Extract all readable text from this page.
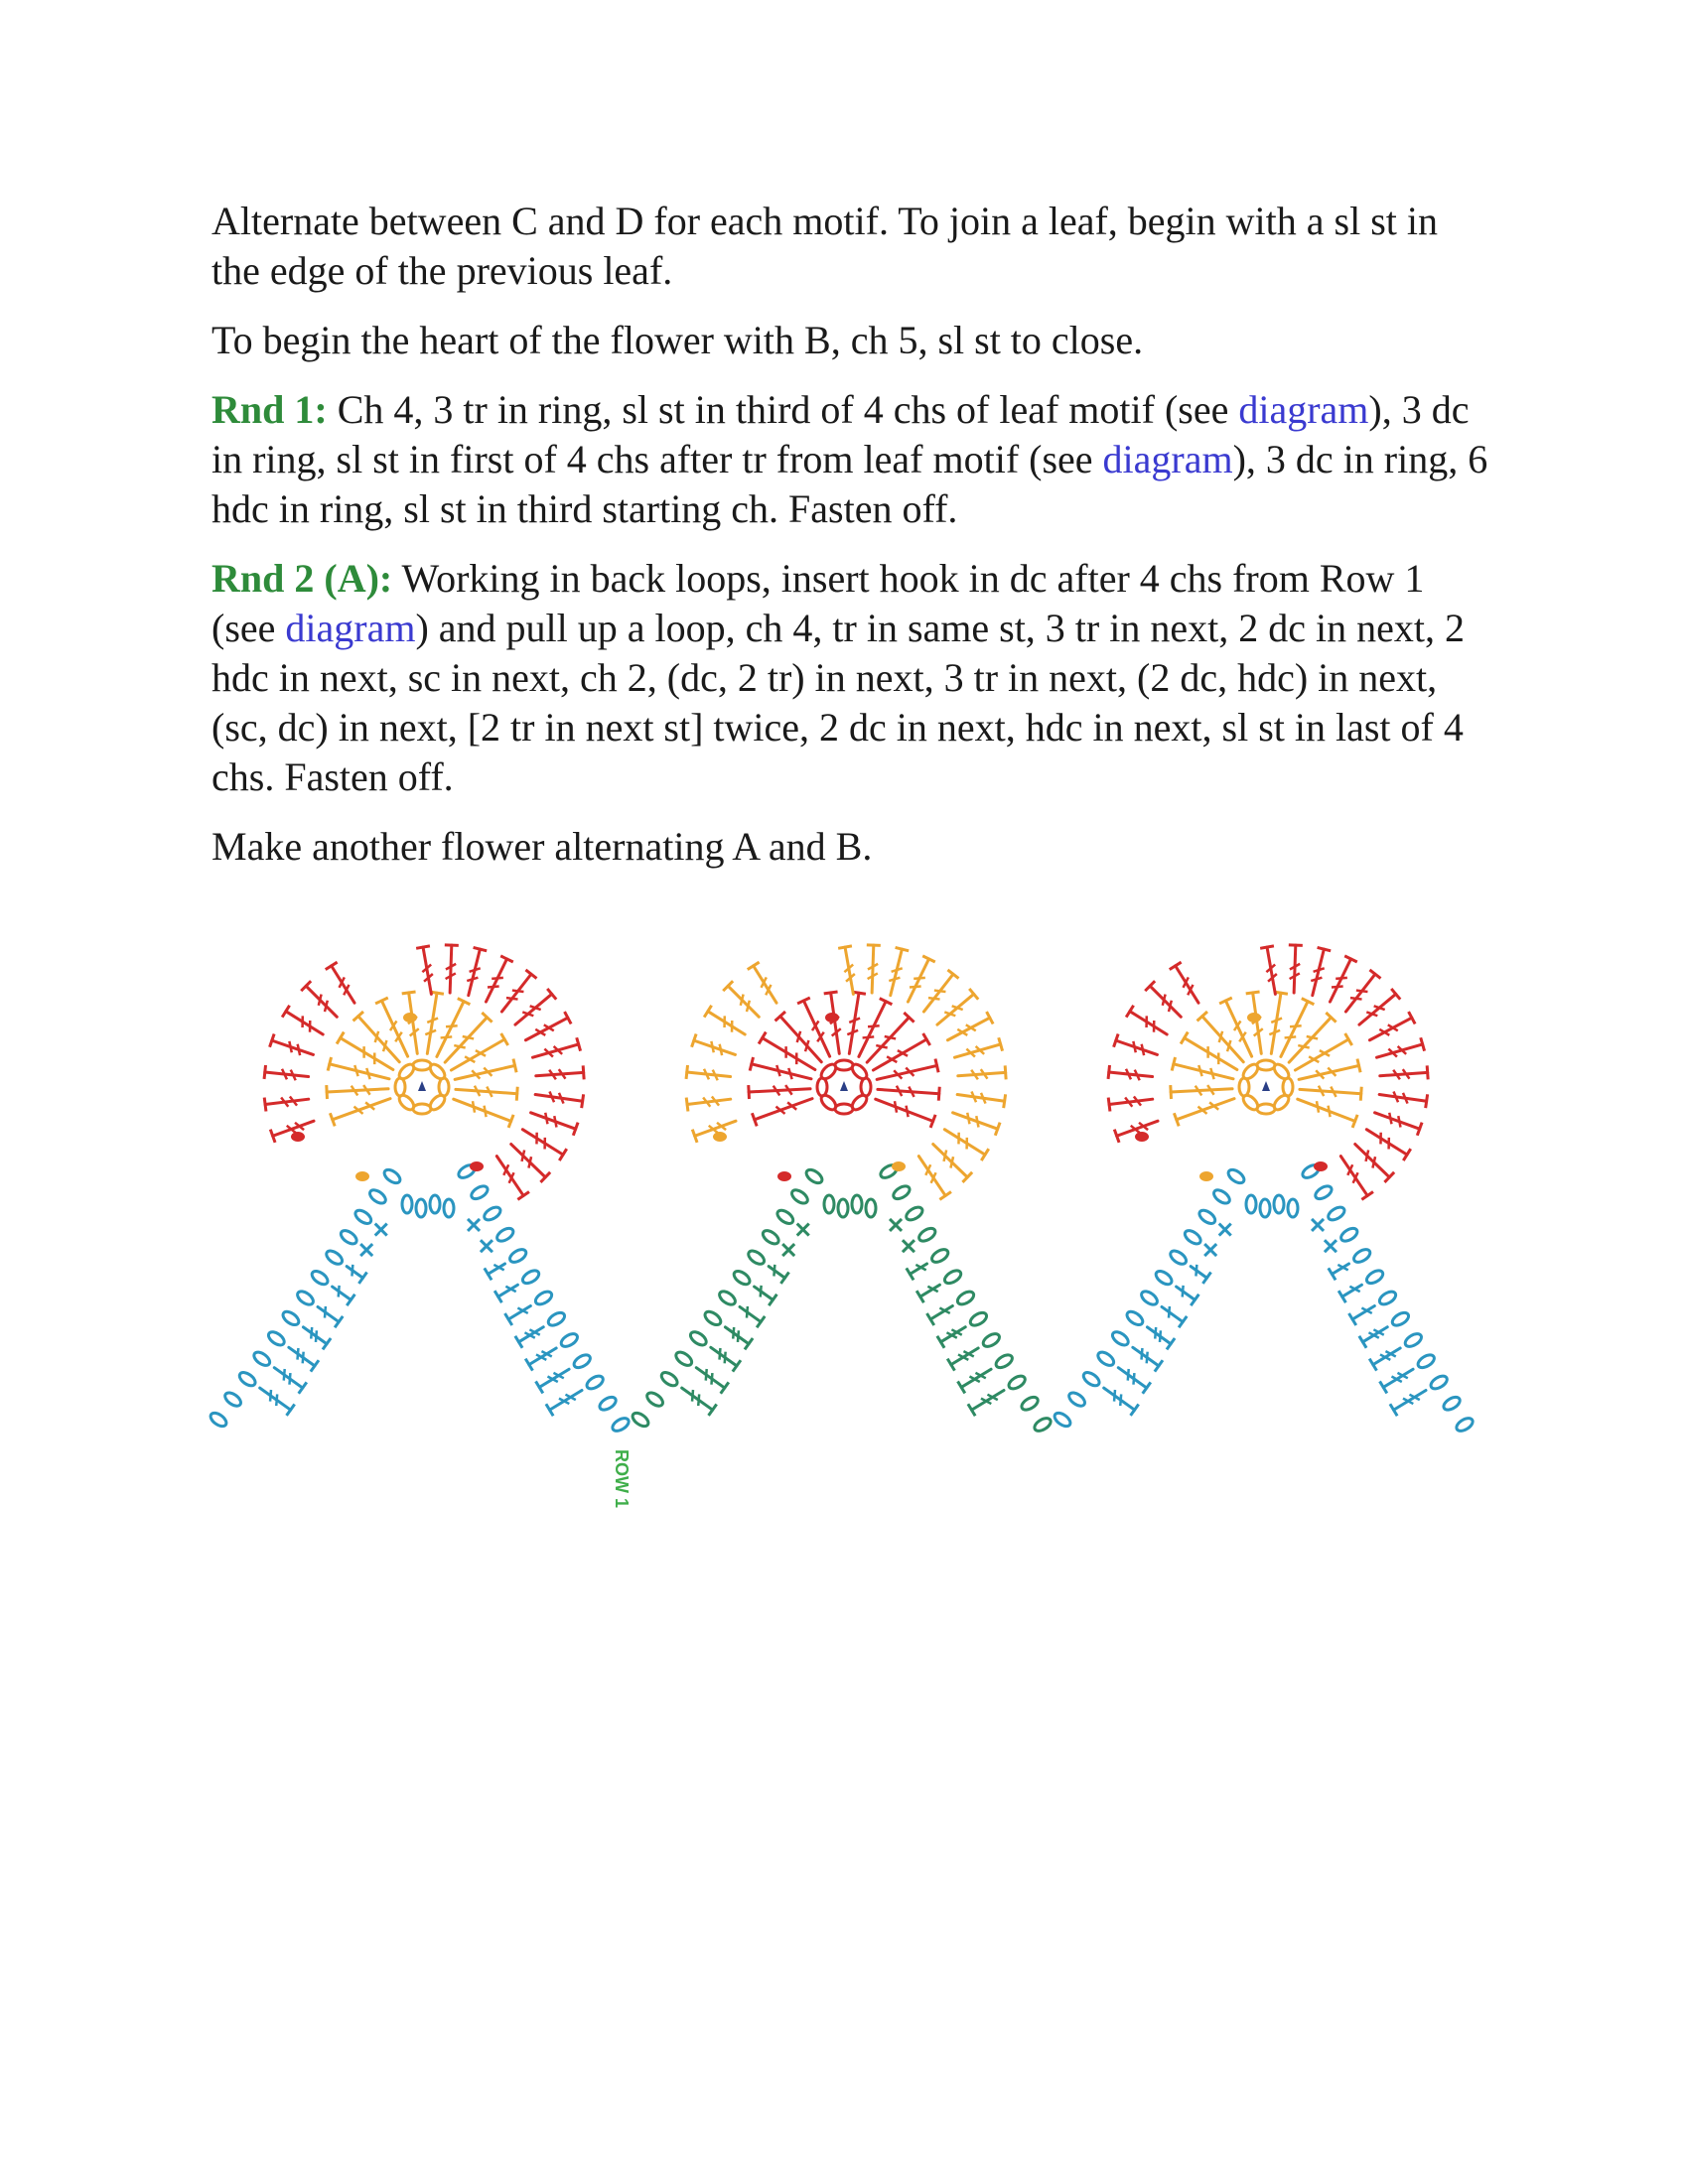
Alternate between C and D for each motif. To join a leaf, begin with a sl st in the edge of the previous leaf.

To begin the heart of the flower with B, ch 5, sl st to close.

Rnd 1: Ch 4, 3 tr in ring, sl st in third of 4 chs of leaf motif (see diagram), 3 dc in ring, sl st in first of 4 chs after tr from leaf motif (see diagram), 3 dc in ring, 6 hdc in ring, sl st in third starting ch. Fasten off.

Rnd 2 (A): Working in back loops, insert hook in dc after 4 chs from Row 1 (see diagram) and pull up a loop, ch 4, tr in same st, 3 tr in next, 2 dc in next, 2 hdc in next, sc in next, ch 2, (dc, 2 tr) in next, 3 tr in next, (2 dc, hdc) in next, (sc, dc) in next, [2 tr in next st] twice, 2 dc in next, hdc in next, sl st in last of 4 chs. Fasten off.

Make another flower alternating A and B.

ROW 1
